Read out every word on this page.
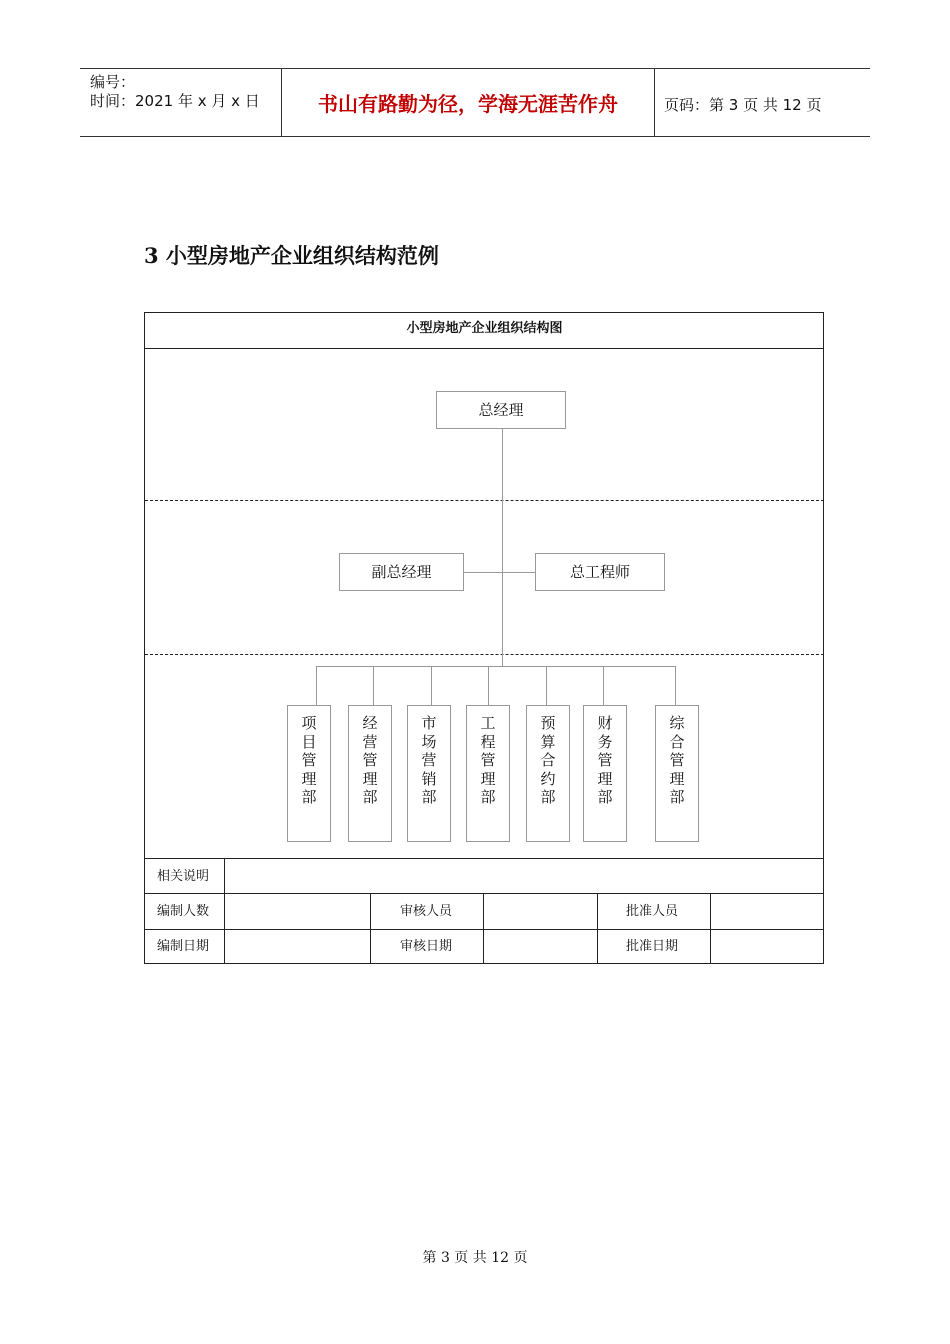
编号：
时间：2021 年 x 月 x 日	书山有路勤为径，学海无涯苦作舟	页码：第 3 页 共 12 页
3 小型房地产企业组织结构范例
小型房地产企业组织结构图
总经理
副总经理	总工程师
项
目
管
理
部
经
营
管
理
部
市
场
营
销
部
工
程
管
理
部
预
算
合
约
部
财
务
管
理
部
综
合
管
理
部
相关说明
编制人数	审核人员	批准人员
编制日期	审核日期	批准日期
第 3 页 共 12 页
